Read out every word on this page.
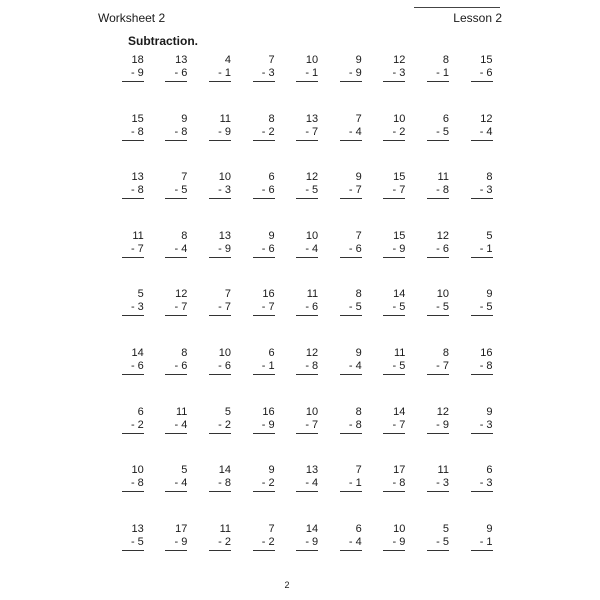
Worksheet 2	Lesson 2
Subtraction.
18
- 9
13
- 6
4
- 1
7
- 3
10
- 1
9
- 9
12
- 3
8
- 1
15
- 6
15
- 8
9
- 8
11
- 9
8
- 2
13
- 7
7
- 4
10
- 2
6
- 5
12
- 4
13
- 8
7
- 5
10
- 3
6
- 6
12
- 5
9
- 7
15
- 7
11
- 8
8
- 3
11
- 7
8
- 4
13
- 9
9
- 6
10
- 4
7
- 6
15
- 9
12
- 6
5
- 1
5
- 3
12
- 7
7
- 7
16
- 7
11
- 6
8
- 5
14
- 5
10
- 5
9
- 5
14
- 6
8
- 6
10
- 6
6
- 1
12
- 8
9
- 4
11
- 5
8
- 7
16
- 8
6
- 2
11
- 4
5
- 2
16
- 9
10
- 7
8
- 8
14
- 7
12
- 9
9
- 3
10
- 8
5
- 4
14
- 8
9
- 2
13
- 4
7
- 1
17
- 8
11
- 3
6
- 3
13
- 5
17
- 9
11
- 2
7
- 2
14
- 9
6
- 4
10
- 9
5
- 5
9
- 1
2
